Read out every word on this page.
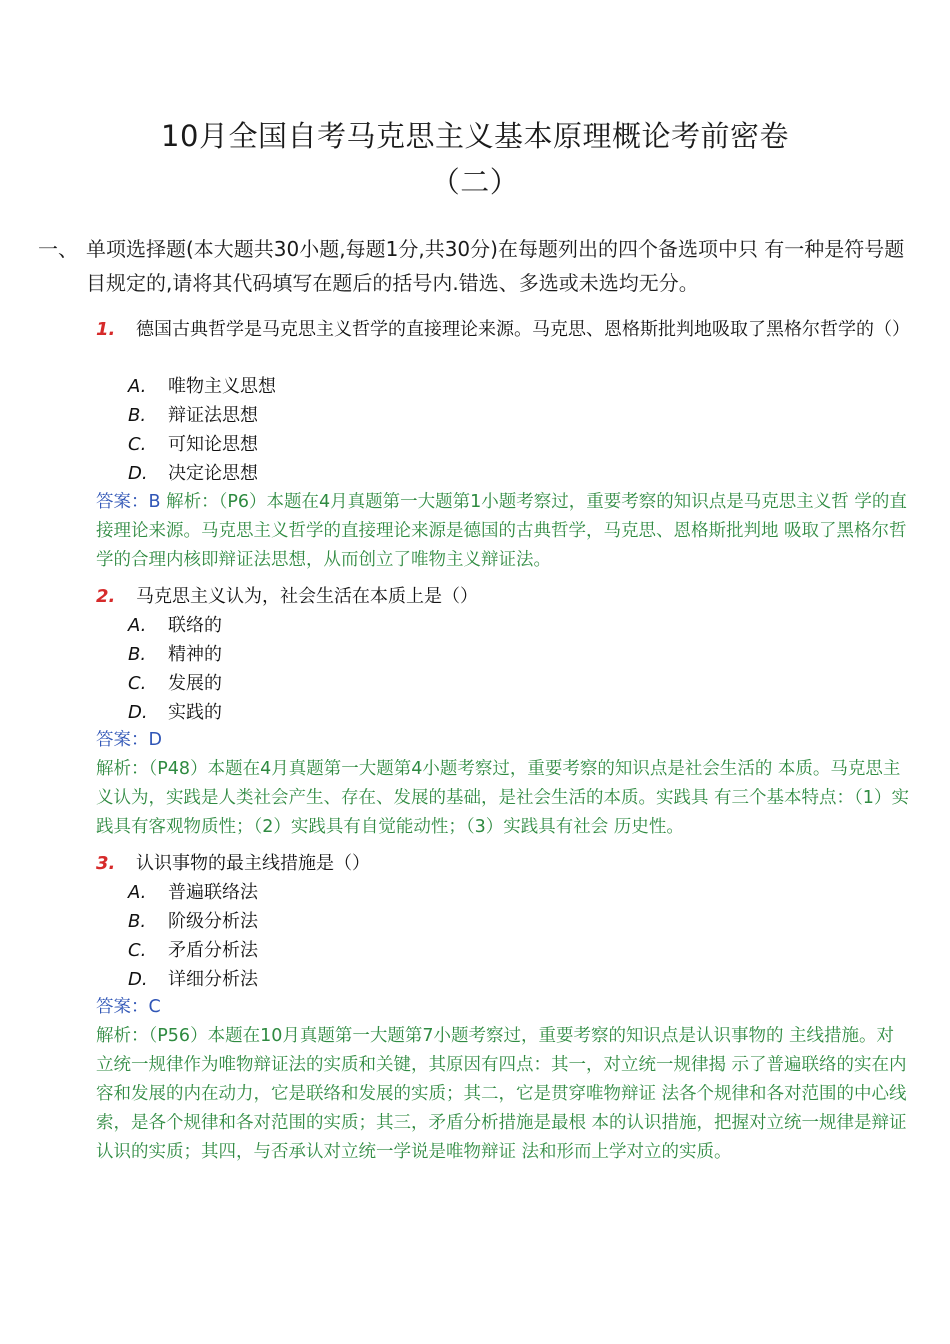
10月全国自考马克思主义基本原理概论考前密卷
（二）
一、 单项选择题(本大题共30小题,每题1分,共30分)在每题列出的四个备选项中只 有一种是符号题目规定的,请将其代码填写在题后的括号内.错选、多选或未选均无分。
1. 德国古典哲学是马克思主义哲学的直接理论来源。马克思、恩格斯批判地吸取了黑格尔哲学的（）
A. 唯物主义思想
B. 辩证法思想
C. 可知论思想
D. 决定论思想
答案：B 解析：（P6）本题在4月真题第一大题第1小题考察过，重要考察的知识点是马克思主义哲 学的直接理论来源。马克思主义哲学的直接理论来源是德国的古典哲学，马克思、恩格斯批判地 吸取了黑格尔哲学的合理内核即辩证法思想，从而创立了唯物主义辩证法。
2. 马克思主义认为，社会生活在本质上是（）
A. 联络的
B. 精神的
C. 发展的
D. 实践的
答案：D
解析：（P48）本题在4月真题第一大题第4小题考察过，重要考察的知识点是社会生活的 本质。马克思主义认为，实践是人类社会产生、存在、发展的基础，是社会生活的本质。实践具 有三个基本特点：（1）实践具有客观物质性；（2）实践具有自觉能动性；（3）实践具有社会 历史性。
3. 认识事物的最主线措施是（）
A. 普遍联络法
B. 阶级分析法
C. 矛盾分析法
D. 详细分析法
答案：C
解析：（P56）本题在10月真题第一大题第7小题考察过，重要考察的知识点是认识事物的 主线措施。对立统一规律作为唯物辩证法的实质和关键，其原因有四点：其一，对立统一规律揭 示了普遍联络的实在内容和发展的内在动力，它是联络和发展的实质；其二，它是贯穿唯物辩证 法各个规律和各对范围的中心线索，是各个规律和各对范围的实质；其三，矛盾分析措施是最根 本的认识措施，把握对立统一规律是辩证认识的实质；其四，与否承认对立统一学说是唯物辩证 法和形而上学对立的实质。
